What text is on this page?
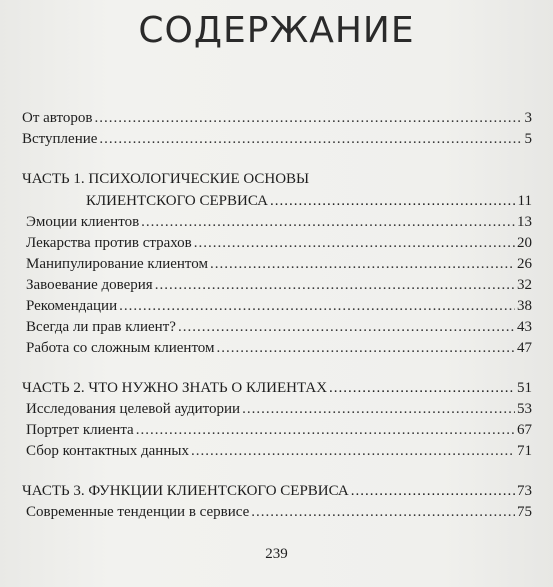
СОДЕРЖАНИЕ
От авторов .....	3
Вступление .....	5
ЧАСТЬ 1. ПСИХОЛОГИЧЕСКИЕ ОСНОВЫ
КЛИЕНТСКОГО СЕРВИСА .....	11
Эмоции клиентов .....	13
Лекарства против страхов .....	20
Манипулирование клиентом .....	26
Завоевание доверия .....	32
Рекомендации .....	38
Всегда ли прав клиент? .....	43
Работа со сложным клиентом .....	47
ЧАСТЬ 2. ЧТО НУЖНО ЗНАТЬ О КЛИЕНТАХ .....	51
Исследования целевой аудитории .....	53
Портрет клиента .....	67
Сбор контактных данных .....	71
ЧАСТЬ 3. ФУНКЦИИ КЛИЕНТСКОГО СЕРВИСА .....	73
Современные тенденции в сервисе .....	75
239
